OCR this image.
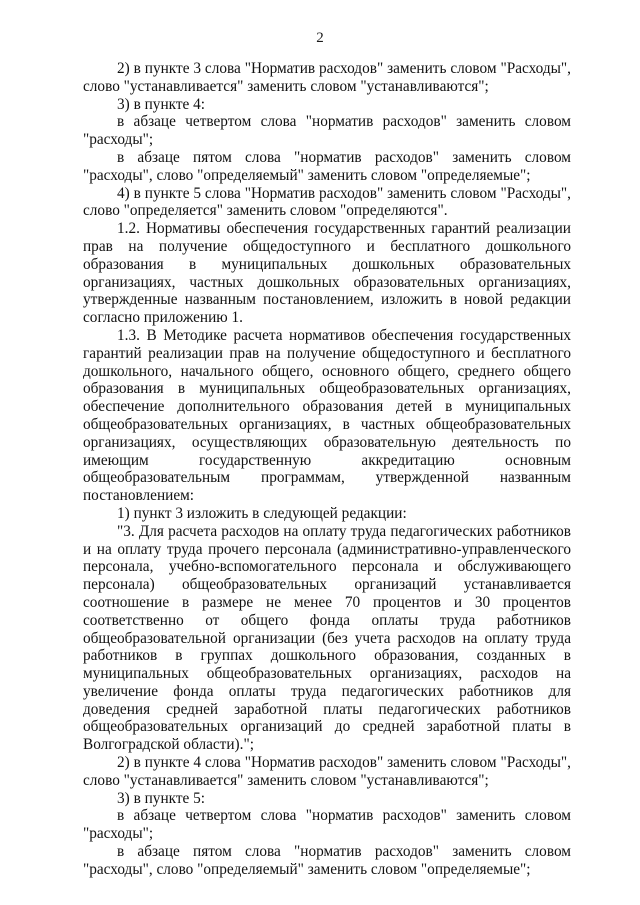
2

2) в пункте 3 слова "Норматив расходов" заменить словом "Расходы", слово "устанавливается" заменить словом "устанавливаются";

3) в пункте 4:

в абзаце четвертом слова "норматив расходов" заменить словом "расходы";

в абзаце пятом слова "норматив расходов" заменить словом "расходы", слово "определяемый" заменить словом "определяемые";

4) в пункте 5 слова "Норматив расходов" заменить словом "Расходы", слово "определяется" заменить словом "определяются".

1.2. Нормативы обеспечения государственных гарантий реализации прав на получение общедоступного и бесплатного дошкольного образования в муниципальных дошкольных образовательных организациях, частных дошкольных образовательных организациях, утвержденные названным постановлением, изложить в новой редакции согласно приложению 1.

1.3. В Методике расчета нормативов обеспечения государственных гарантий реализации прав на получение общедоступного и бесплатного дошкольного, начального общего, основного общего, среднего общего образования в муниципальных общеобразовательных организациях, обеспечение дополнительного образования детей в муниципальных общеобразовательных организациях, в частных общеобразовательных организациях, осуществляющих образовательную деятельность по имеющим государственную аккредитацию основным общеобразовательным программам, утвержденной названным постановлением:

1) пункт 3 изложить в следующей редакции:

"3. Для расчета расходов на оплату труда педагогических работников и на оплату труда прочего персонала (административно-управленческого персонала, учебно-вспомогательного персонала и обслуживающего персонала) общеобразовательных организаций устанавливается соотношение в размере не менее 70 процентов и 30 процентов соответственно от общего фонда оплаты труда работников общеобразовательной организации (без учета расходов на оплату труда работников в группах дошкольного образования, созданных в муниципальных общеобразовательных организациях, расходов на увеличение фонда оплаты труда педагогических работников для доведения средней заработной платы педагогических работников общеобразовательных организаций до средней заработной платы в Волгоградской области).";

2) в пункте 4 слова "Норматив расходов" заменить словом "Расходы", слово "устанавливается" заменить словом "устанавливаются";

3) в пункте 5:

в абзаце четвертом слова "норматив расходов" заменить словом "расходы";

в абзаце пятом слова "норматив расходов" заменить словом "расходы", слово "определяемый" заменить словом "определяемые";
